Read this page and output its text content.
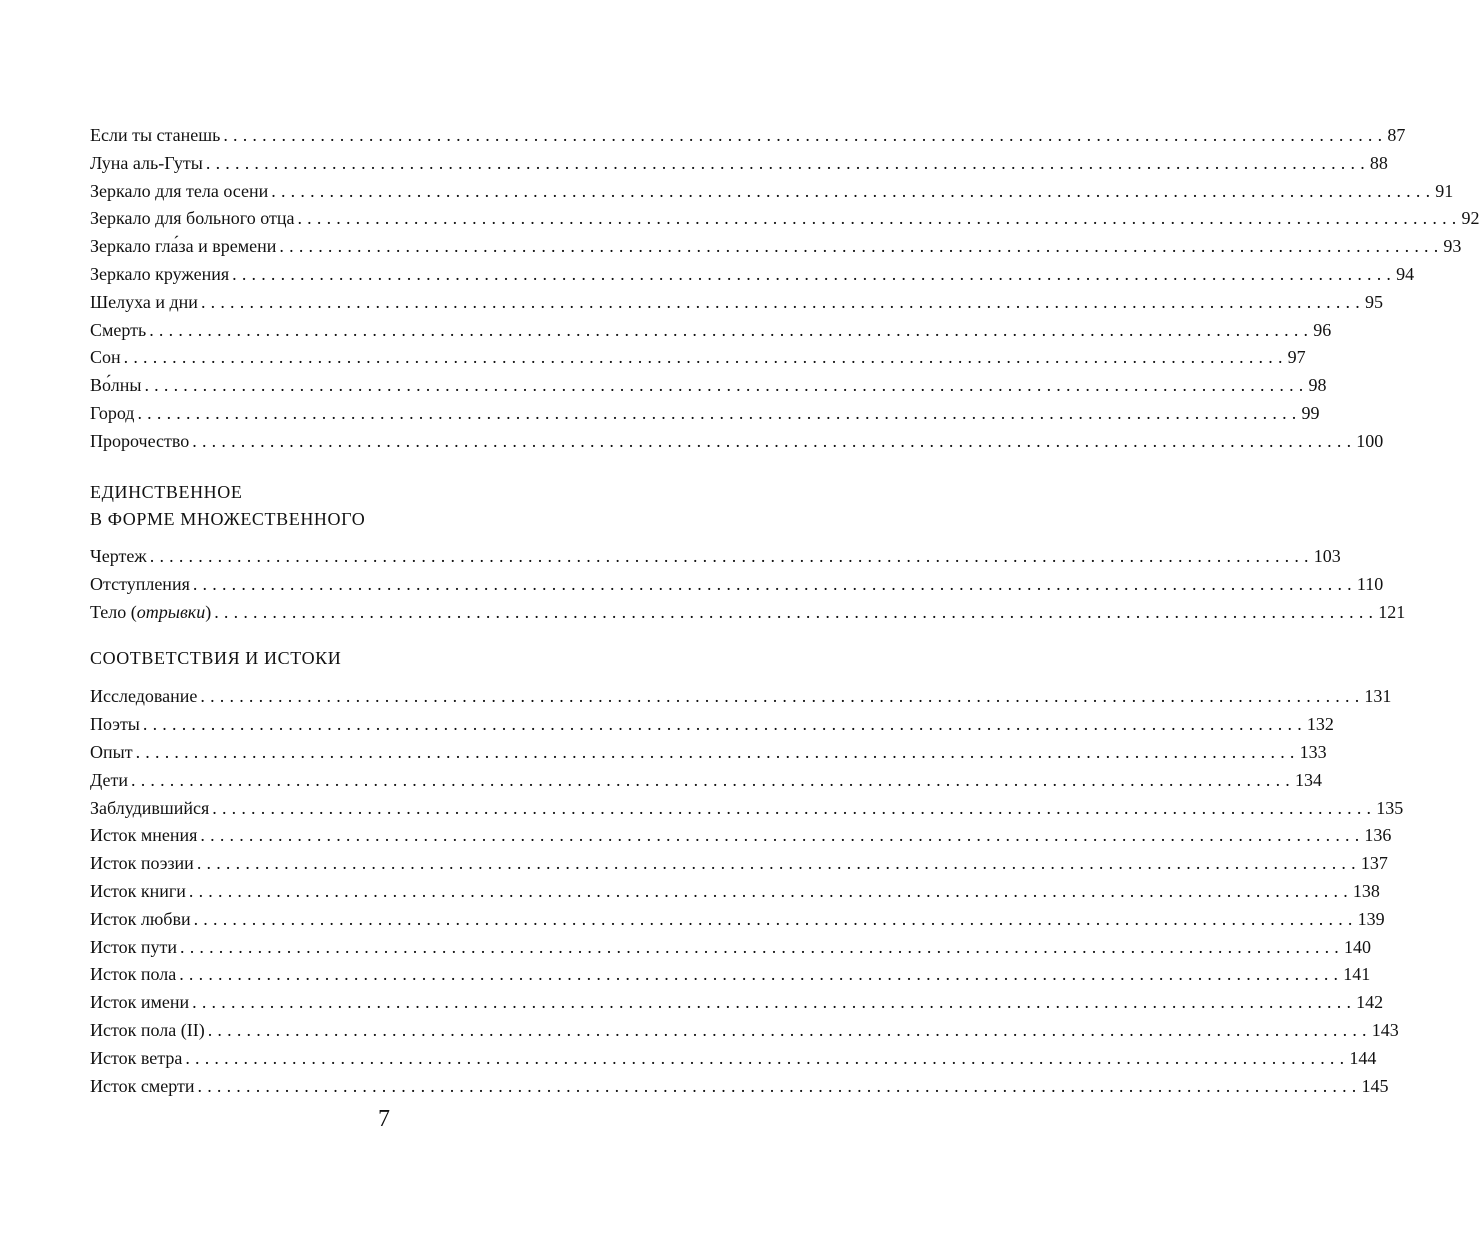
Если ты станешь ........................................................................................................................ 87
Луна аль-Гуты ........................................................................................................................ 88
Зеркало для тела осени ........................................................................................................................ 91
Зеркало для больного отца ........................................................................................................................ 92
Зеркало гла́за и времени ........................................................................................................................ 93
Зеркало кружения ........................................................................................................................ 94
Шелуха и дни ........................................................................................................................ 95
Смерть ........................................................................................................................ 96
Сон ........................................................................................................................ 97
Во́лны ........................................................................................................................ 98
Город ........................................................................................................................ 99
Пророчество ........................................................................................................................ 100

ЕДИНСТВЕННОЕ

В ФОРМЕ МНОЖЕСТВЕННОГО

Чертеж ........................................................................................................................ 103
Отступления ........................................................................................................................ 110
Тело (отрывки) ........................................................................................................................ 121

СООТВЕТСТВИЯ И ИСТОКИ

Исследование ........................................................................................................................ 131
Поэты ........................................................................................................................ 132
Опыт ........................................................................................................................ 133
Дети ........................................................................................................................ 134
Заблудившийся ........................................................................................................................ 135
Исток мнения ........................................................................................................................ 136
Исток поэзии ........................................................................................................................ 137
Исток книги ........................................................................................................................ 138
Исток любви ........................................................................................................................ 139
Исток пути ........................................................................................................................ 140
Исток пола ........................................................................................................................ 141
Исток имени ........................................................................................................................ 142
Исток пола (II) ........................................................................................................................ 143
Исток ветра ........................................................................................................................ 144
Исток смерти ........................................................................................................................ 145
7
